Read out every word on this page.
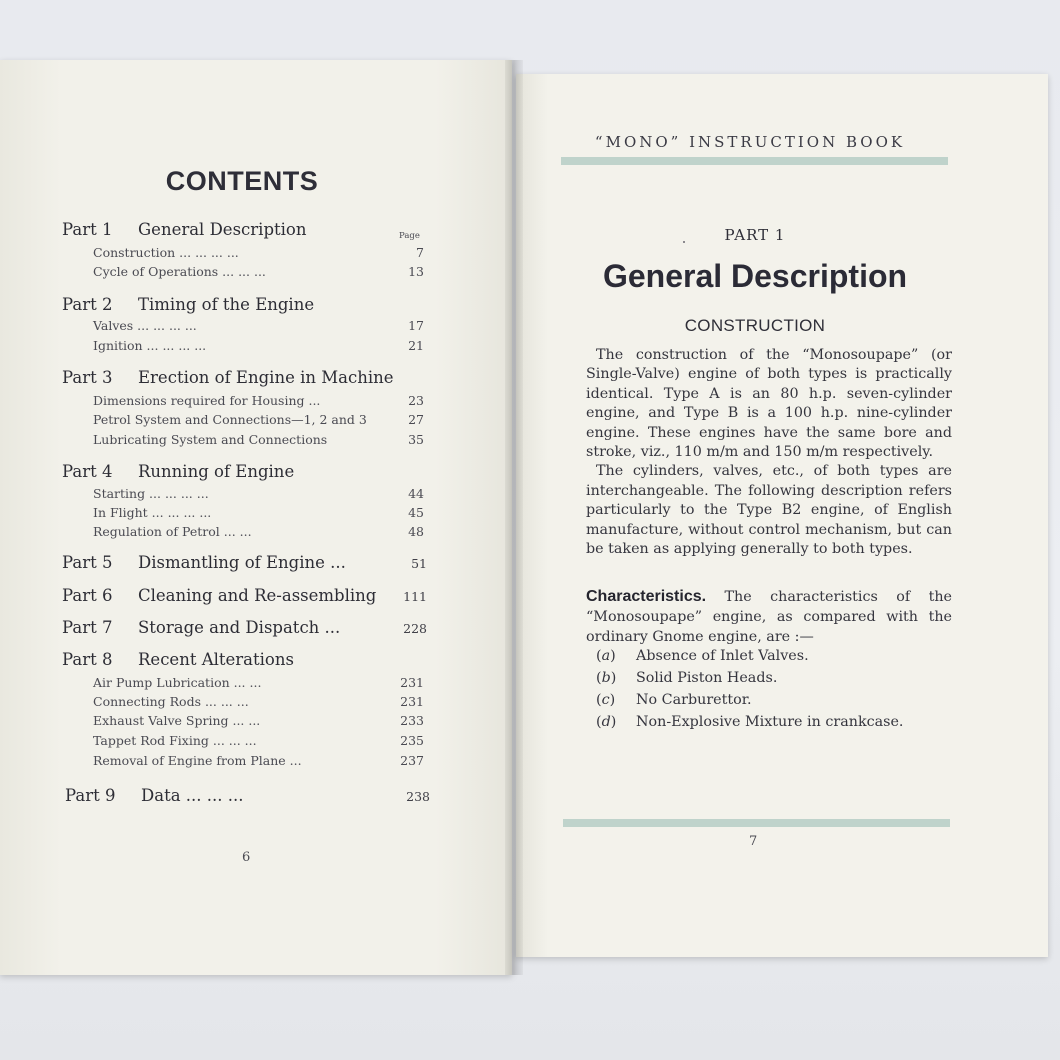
CONTENTS
Page
Part 1	General Description
Construction ... ... ... ...	7
Cycle of Operations ... ... ...	13
Part 2	Timing of the Engine
Valves ... ... ... ...	17
Ignition ... ... ... ...	21
Part 3	Erection of Engine in Machine
Dimensions required for Housing ...	23
Petrol System and Connections—1, 2 and 3	27
Lubricating System and Connections	35
Part 4	Running of Engine
Starting ... ... ... ...	44
In Flight ... ... ... ...	45
Regulation of Petrol ... ...	48
Part 5	Dismantling of Engine ...	51
Part 6	Cleaning and Re-assembling	111
Part 7	Storage and Dispatch ...	228
Part 8	Recent Alterations
Air Pump Lubrication ... ...	231
Connecting Rods ... ... ...	231
Exhaust Valve Spring ... ...	233
Tappet Rod Fixing ... ... ...	235
Removal of Engine from Plane ...	237
Part 9	Data ... ... ...	238
6
“MONO” INSTRUCTION BOOK
PART 1
General Description
CONSTRUCTION

The construction of the “Monosoupape” (or Single-Valve) engine of both types is practically identical. Type A is an 80 h.p. seven-cylinder engine, and Type B is a 100 h.p. nine-cylinder engine. These engines have the same bore and stroke, viz., 110 m/m and 150 m/m respectively.

The cylinders, valves, etc., of both types are interchangeable. The following description refers particularly to the Type B2 engine, of English manufacture, without control mechanism, but can be taken as applying generally to both types.

Characteristics. The characteristics of the “Monosoupape” engine, as compared with the ordinary Gnome engine, are :—
(a)	Absence of Inlet Valves.
(b)	Solid Piston Heads.
(c)	No Carburettor.
(d)	Non-Explosive Mixture in crankcase.
7
